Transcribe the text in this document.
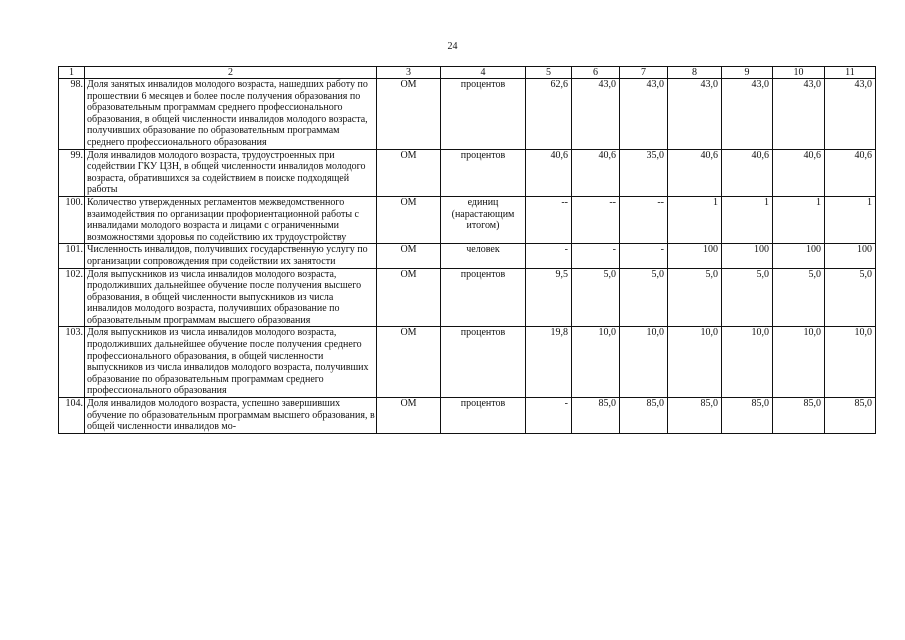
24
1	2	3	4	5	6	7	8	9	10	11
98.	Доля занятых инвалидов молодого возраста, нашедших работу по прошествии 6 месяцев и более после получения образования по образовательным программам среднего профессионального образования, в общей численности инвалидов молодого возраста, получивших образование по образовательным программам среднего профессионального образования	ОМ	процентов	62,6	43,0	43,0	43,0	43,0	43,0	43,0
99.	Доля инвалидов молодого возраста, трудоустроенных при содействии ГКУ ЦЗН, в общей численности инвалидов молодого возраста, обратившихся за содействием в поиске подходящей работы	ОМ	процентов	40,6	40,6	35,0	40,6	40,6	40,6	40,6
100.	Количество утвержденных регламентов межведомственного взаимодействия по организации профориентационной работы с инвалидами молодого возраста и лицами с ограниченными возможностями здоровья по содействию их трудоустройству	ОМ	единиц (нарастающим итогом)	--	--	--	1	1	1	1
101.	Численность инвалидов, получивших государственную услугу по организации сопровождения при содействии их занятости	ОМ	человек	-	-	-	100	100	100	100
102.	Доля выпускников из числа инвалидов молодого возраста, продолживших дальнейшее обучение после получения высшего образования, в общей численности выпускников из числа инвалидов молодого возраста, получивших образование по образовательным программам высшего образования	ОМ	процентов	9,5	5,0	5,0	5,0	5,0	5,0	5,0
103.	Доля выпускников из числа инвалидов молодого возраста, продолживших дальнейшее обучение после получения среднего профессионального образования, в общей численности выпускников из числа инвалидов молодого возраста, получивших образование по образовательным программам среднего профессионального образования	ОМ	процентов	19,8	10,0	10,0	10,0	10,0	10,0	10,0
104.	Доля инвалидов молодого возраста, успешно завершивших обучение по образовательным программам высшего образования, в общей численности инвалидов мо-	ОМ	процентов	-	85,0	85,0	85,0	85,0	85,0	85,0
